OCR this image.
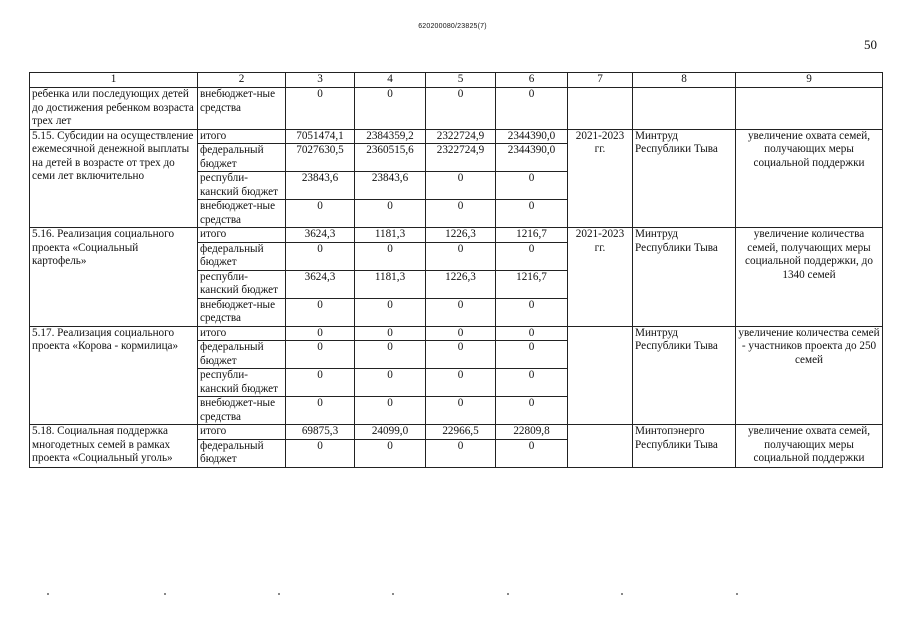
620200080/23825(7)
50
1	2	3	4	5	6	7	8	9
ребенка или последующих детей до достижения ребенком возраста трех лет	внебюджет-ные средства	0	0	0	0			
5.15. Субсидии на осуществление ежемесячной денежной выплаты на детей в возрасте от трех до семи лет включительно	итого	7051474,1	2384359,2	2322724,9	2344390,0	2021-2023 гг.	Минтруд Республики Тыва	увеличение охвата семей, получающих меры социальной поддержки
	федеральный бюджет	7027630,5	2360515,6	2322724,9	2344390,0			
	республи-канский бюджет	23843,6	23843,6	0	0			
	внебюджет-ные средства	0	0	0	0			
5.16. Реализация социального проекта «Социальный картофель»	итого	3624,3	1181,3	1226,3	1216,7	2021-2023 гг.	Минтруд Республики Тыва	увеличение количества семей, получающих меры социальной поддержки, до 1340 семей
	федеральный бюджет	0	0	0	0			
	республи-канский бюджет	3624,3	1181,3	1226,3	1216,7			
	внебюджет-ные средства	0	0	0	0			
5.17. Реализация социального проекта «Корова - кормилица»	итого	0	0	0	0		Минтруд Республики Тыва	увеличение количества семей - участников проекта до 250 семей
	федеральный бюджет	0	0	0	0			
	республи-канский бюджет	0	0	0	0			
	внебюджет-ные средства	0	0	0	0			
5.18. Социальная поддержка многодетных семей в рамках проекта «Социальный уголь»	итого	69875,3	24099,0	22966,5	22809,8		Минтопэнерго Республики Тыва	увеличение охвата семей, получающих меры социальной поддержки
	федеральный бюджет	0	0	0	0			
